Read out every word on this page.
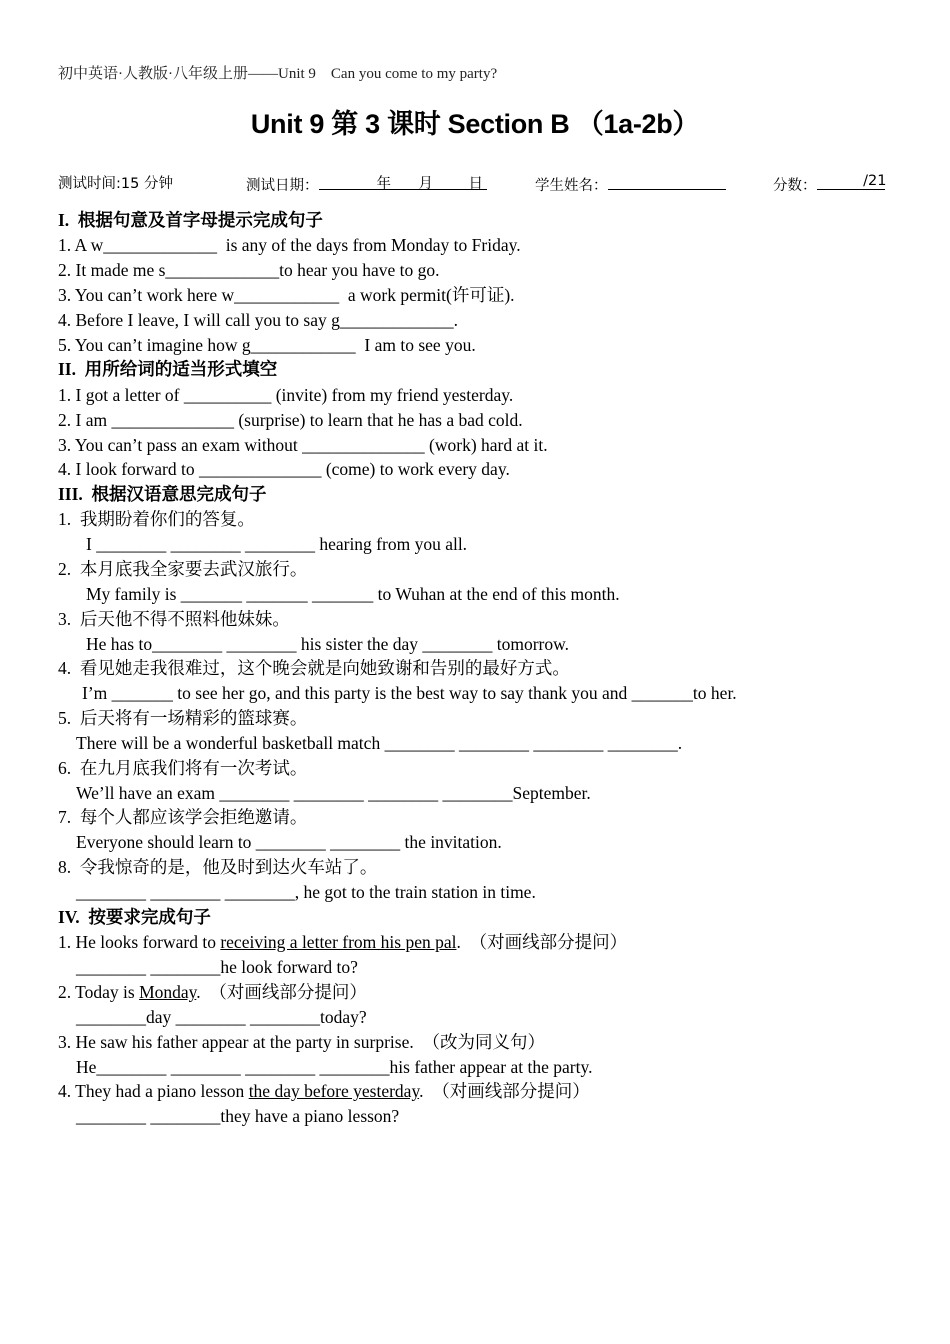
初中英语·人教版·八年级上册——Unit 9    Can you come to my party?
Unit 9 第 3 课时 Section B （1a-2b）
测试时间:15 分钟	测试日期：	年 月 日	学生姓名：	分数：	/21
I.  根据句意及首字母提示完成句子
1. A w_____________  is any of the days from Monday to Friday.
2. It made me s_____________to hear you have to go.
3. You can’t work here w____________  a work permit(许可证).
4. Before I leave, I will call you to say g_____________.
5. You can’t imagine how g____________  I am to see you.
II.  用所给词的适当形式填空
1. I got a letter of __________ (invite) from my friend yesterday.
2. I am ______________ (surprise) to learn that he has a bad cold.
3. You can’t pass an exam without ______________ (work) hard at it.
4. I look forward to ______________ (come) to work every day.
III.  根据汉语意思完成句子
1.  我期盼着你们的答复。
I ________ ________ ________ hearing from you all.
2.  本月底我全家要去武汉旅行。
My family is _______ _______ _______ to Wuhan at the end of this month.
3.  后天他不得不照料他妹妹。
He has to________ ________ his sister the day ________ tomorrow.
4.  看见她走我很难过，这个晚会就是向她致谢和告别的最好方式。
I’m _______ to see her go, and this party is the best way to say thank you and _______to her.
5.  后天将有一场精彩的篮球赛。
There will be a wonderful basketball match ________ ________ ________ ________.
6.  在九月底我们将有一次考试。
We’ll have an exam ________ ________ ________ ________September.
7.  每个人都应该学会拒绝邀请。
Everyone should learn to ________ ________ the invitation.
8.  令我惊奇的是，他及时到达火车站了。
________ ________ ________, he got to the train station in time.
IV.  按要求完成句子
1. He looks forward to receiving a letter from his pen pal.  （对画线部分提问）
________ ________he look forward to?
2. Today is Monday.  （对画线部分提问）
________day ________ ________today?
3. He saw his father appear at the party in surprise.  （改为同义句）
He________ ________ ________ ________his father appear at the party.
4. They had a piano lesson the day before yesterday.  （对画线部分提问）
________ ________they have a piano lesson?
